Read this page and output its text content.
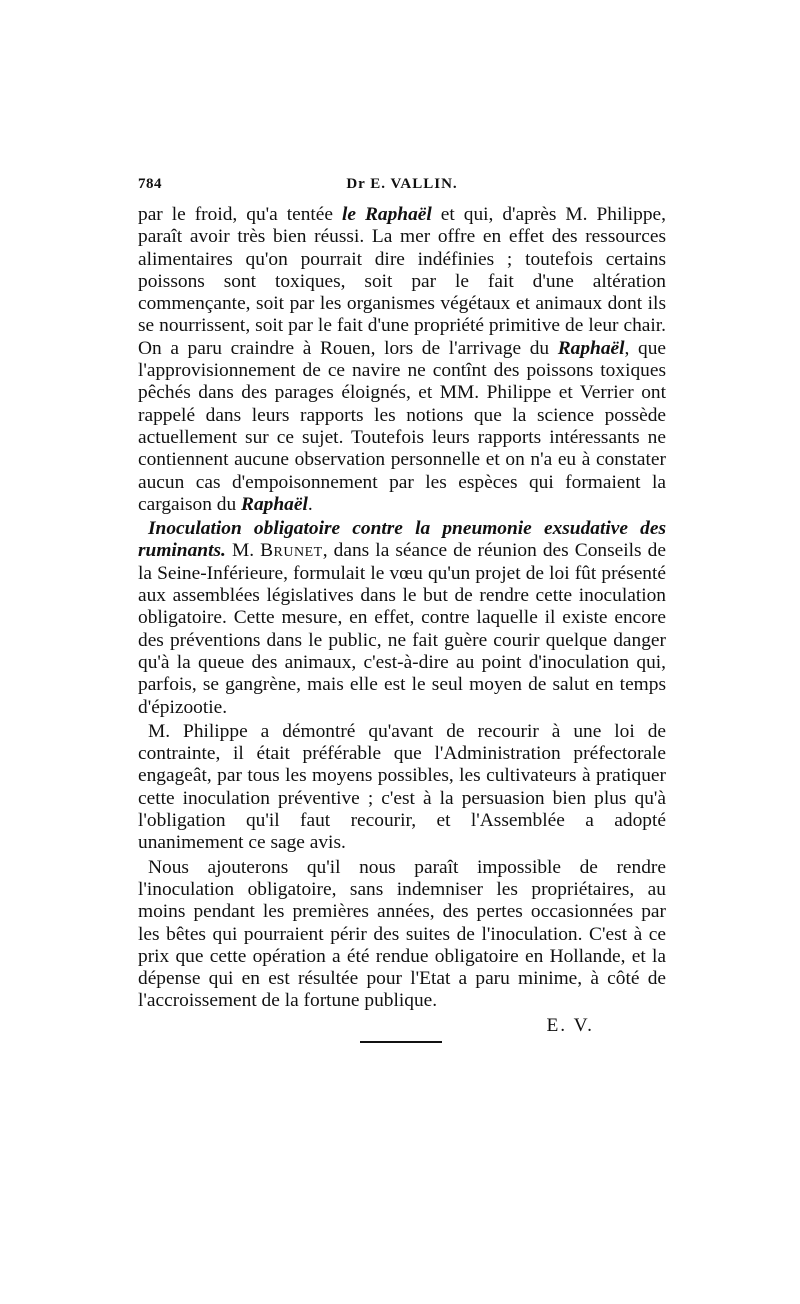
784	Dr E. VALLIN.

par le froid, qu'a tentée le Raphaël et qui, d'après M. Philippe, paraît avoir très bien réussi. La mer offre en effet des ressources alimentaires qu'on pourrait dire indéfinies ; toutefois certains poissons sont toxiques, soit par le fait d'une altération commençante, soit par les organismes végétaux et animaux dont ils se nourrissent, soit par le fait d'une propriété primitive de leur chair. On a paru craindre à Rouen, lors de l'arrivage du Raphaël, que l'approvisionnement de ce navire ne contînt des poissons toxiques pêchés dans des parages éloignés, et MM. Philippe et Verrier ont rappelé dans leurs rapports les notions que la science possède actuellement sur ce sujet. Toutefois leurs rapports intéressants ne contiennent aucune observation personnelle et on n'a eu à constater aucun cas d'empoisonnement par les espèces qui formaient la cargaison du Raphaël.

Inoculation obligatoire contre la pneumonie exsudative des ruminants. M. Brunet, dans la séance de réunion des Conseils de la Seine-Inférieure, formulait le vœu qu'un projet de loi fût présenté aux assemblées législatives dans le but de rendre cette inoculation obligatoire. Cette mesure, en effet, contre laquelle il existe encore des préventions dans le public, ne fait guère courir quelque danger qu'à la queue des animaux, c'est-à-dire au point d'inoculation qui, parfois, se gangrène, mais elle est le seul moyen de salut en temps d'épizootie.

M. Philippe a démontré qu'avant de recourir à une loi de contrainte, il était préférable que l'Administration préfectorale engageât, par tous les moyens possibles, les cultivateurs à pratiquer cette inoculation préventive ; c'est à la persuasion bien plus qu'à l'obligation qu'il faut recourir, et l'Assemblée a adopté unanimement ce sage avis.

Nous ajouterons qu'il nous paraît impossible de rendre l'inoculation obligatoire, sans indemniser les propriétaires, au moins pendant les premières années, des pertes occasionnées par les bêtes qui pourraient périr des suites de l'inoculation. C'est à ce prix que cette opération a été rendue obligatoire en Hollande, et la dépense qui en est résultée pour l'Etat a paru minime, à côté de l'accroissement de la fortune publique.

E. V.
